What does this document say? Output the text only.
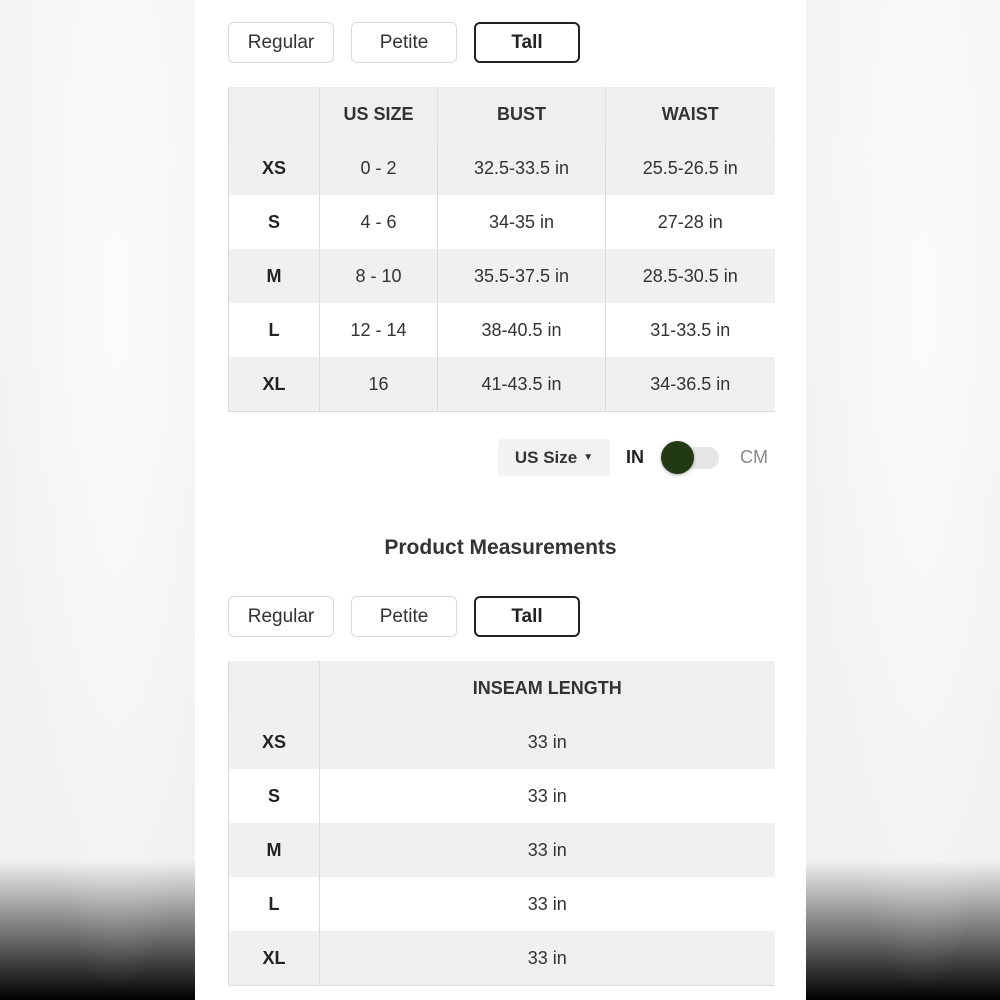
Regular	Petite	Tall
	US SIZE	BUST	WAIST
XS	0 - 2	32.5-33.5 in	25.5-26.5 in
S	4 - 6	34-35 in	27-28 in
M	8 - 10	35.5-37.5 in	28.5-30.5 in
L	12 - 14	38-40.5 in	31-33.5 in
XL	16	41-43.5 in	34-36.5 in
US Size ▼ IN	CM
Product Measurements
Regular	Petite	Tall
	INSEAM LENGTH
XS	33 in
S	33 in
M	33 in
L	33 in
XL	33 in
